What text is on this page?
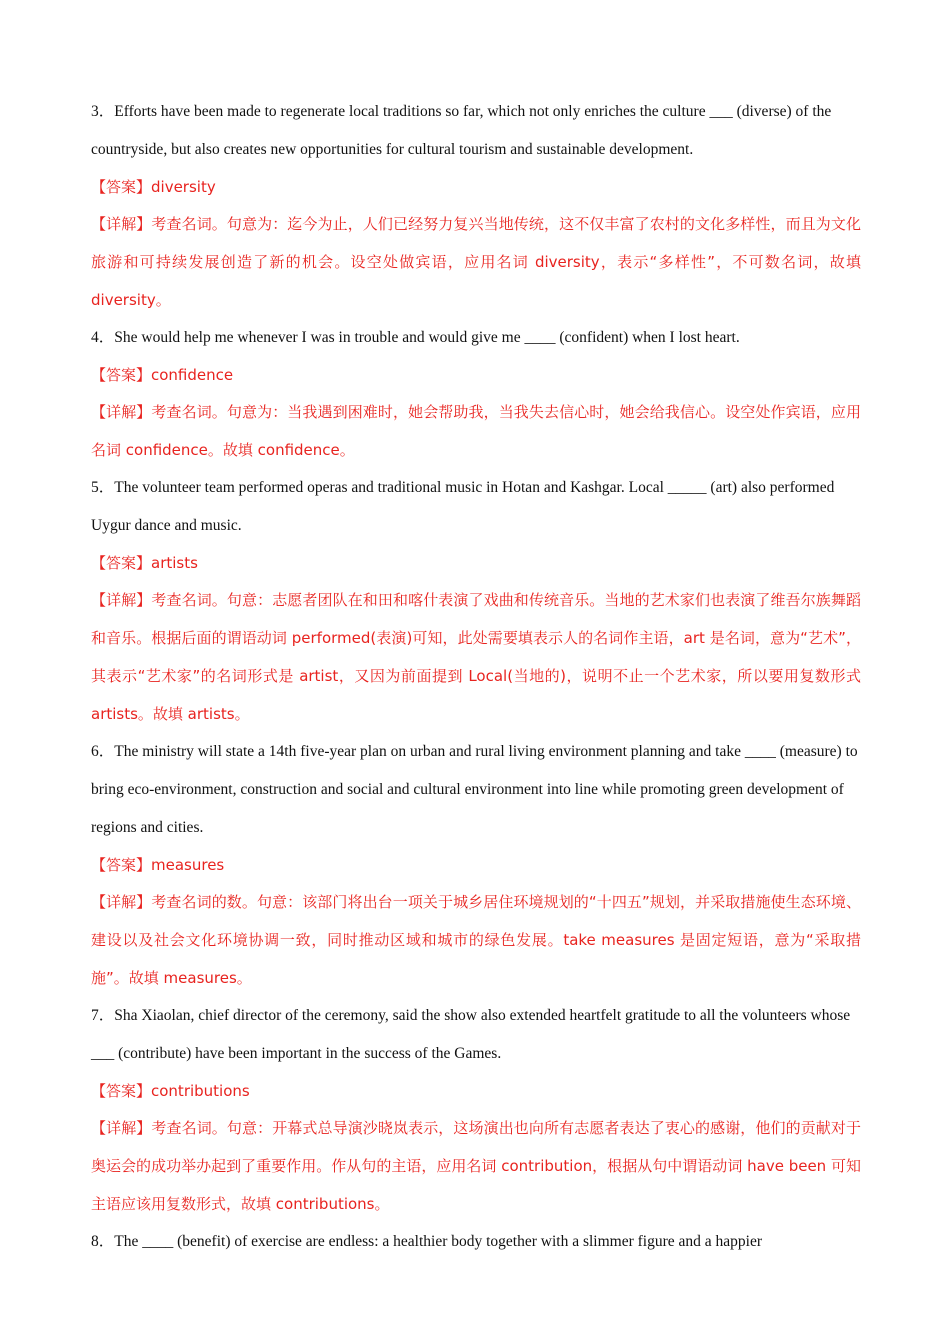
3．Efforts have been made to regenerate local traditions so far, which not only enriches the culture ___ (diverse) of the countryside, but also creates new opportunities for cultural tourism and sustainable development.

【答案】diversity

【详解】考查名词。句意为：迄今为止，人们已经努力复兴当地传统，这不仅丰富了农村的文化多样性，而且为文化旅游和可持续发展创造了新的机会。设空处做宾语，应用名词 diversity，表示“多样性”，不可数名词，故填 diversity。

4．She would help me whenever I was in trouble and would give me ____ (confident) when I lost heart.

【答案】confidence

【详解】考查名词。句意为：当我遇到困难时，她会帮助我，当我失去信心时，她会给我信心。设空处作宾语，应用名词 confidence。故填 confidence。

5．The volunteer team performed operas and traditional music in Hotan and Kashgar. Local _____ (art) also performed Uygur dance and music.

【答案】artists

【详解】考查名词。句意：志愿者团队在和田和喀什表演了戏曲和传统音乐。当地的艺术家们也表演了维吾尔族舞蹈和音乐。根据后面的谓语动词 performed(表演)可知，此处需要填表示人的名词作主语，art 是名词，意为“艺术”，其表示“艺术家”的名词形式是 artist，又因为前面提到 Local(当地的)，说明不止一个艺术家，所以要用复数形式 artists。故填 artists。

6．The ministry will state a 14th five-year plan on urban and rural living environment planning and take ____ (measure) to bring eco-environment, construction and social and cultural environment into line while promoting green development of regions and cities.

【答案】measures

【详解】考查名词的数。句意：该部门将出台一项关于城乡居住环境规划的“十四五”规划，并采取措施使生态环境、建设以及社会文化环境协调一致，同时推动区域和城市的绿色发展。take measures 是固定短语，意为“采取措施”。故填 measures。

7．Sha Xiaolan, chief director of the ceremony, said the show also extended heartfelt gratitude to all the volunteers whose ___ (contribute) have been important in the success of the Games.

【答案】contributions

【详解】考查名词。句意：开幕式总导演沙晓岚表示，这场演出也向所有志愿者表达了衷心的感谢，他们的贡献对于奥运会的成功举办起到了重要作用。作从句的主语，应用名词 contribution，根据从句中谓语动词 have been 可知主语应该用复数形式，故填 contributions。

8．The ____ (benefit) of exercise are endless: a healthier body together with a slimmer figure and a happier
